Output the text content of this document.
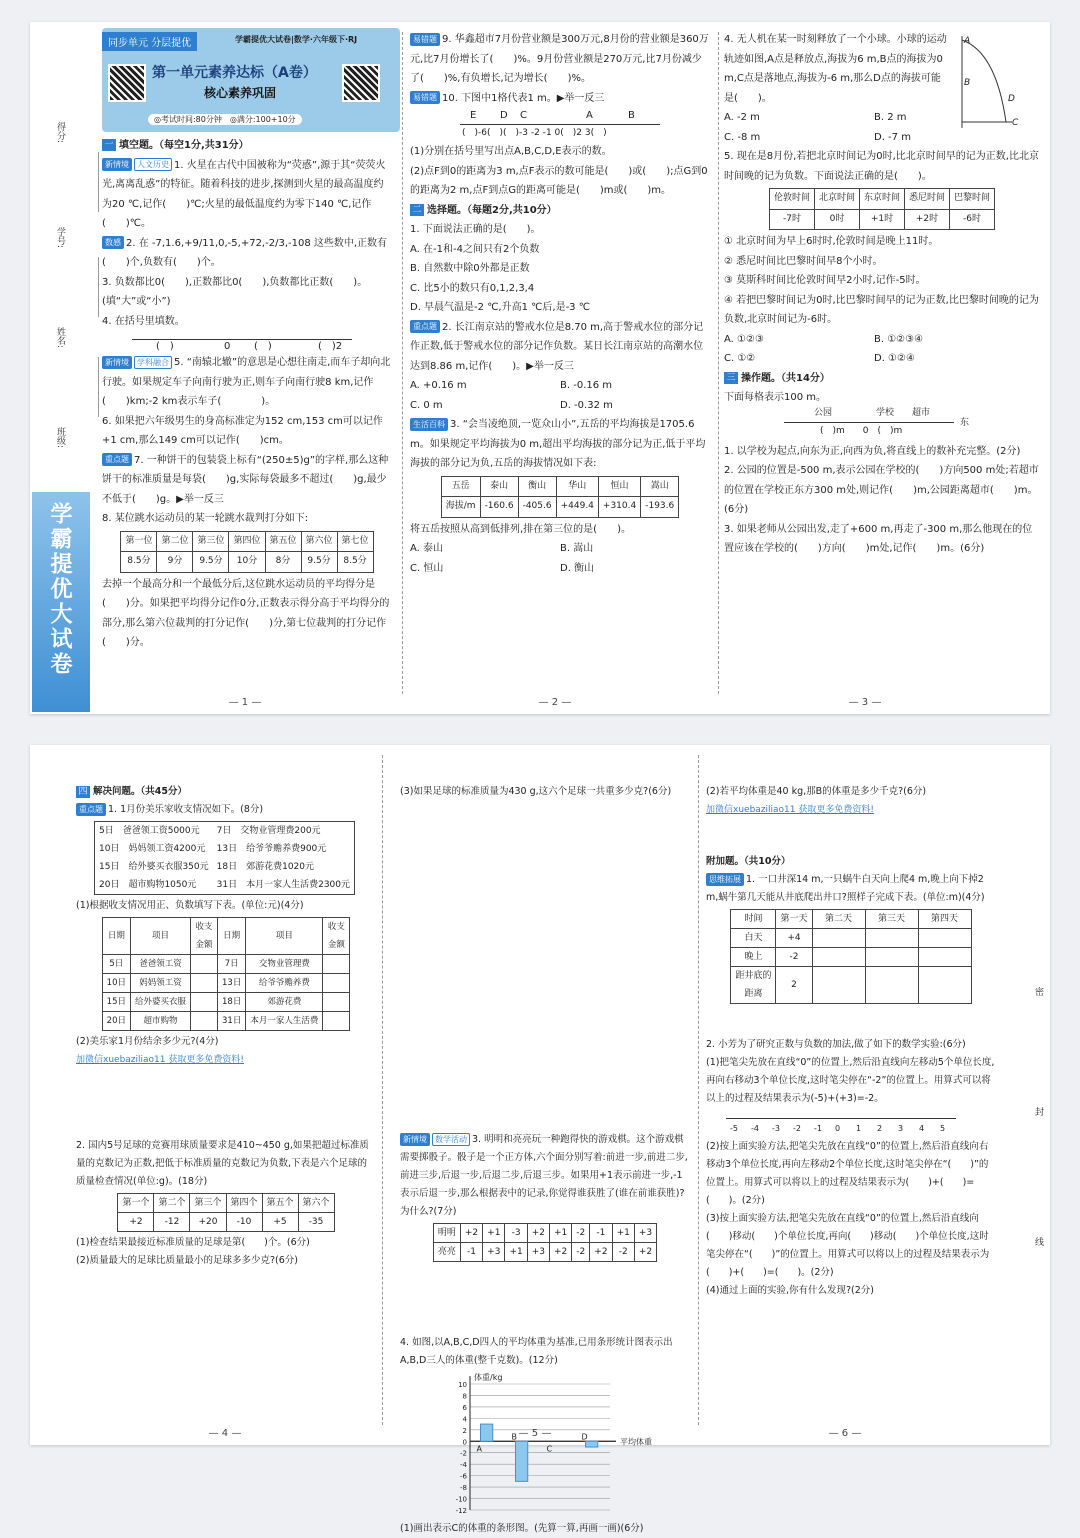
得分:
学号:
姓名:
班级:
学霸提优大试卷
同步单元 分层提优	学霸提优大试卷|数学·六年级下·RJ
第一单元素养达标（A卷）
核心素养巩固
◎考试时间:80分钟　 ◎满分:100+10分

一 填空题。（每空1分,共31分）

新情境 人文历史 1. 火星在古代中国被称为“荧惑”,源于其“荧荧火光,离离乱惑”的特征。随着科技的进步,探测到火星的最高温度约为20 ℃,记作(　　)℃;火星的最低温度约为零下140 ℃,记作(　　)℃。

数感 2. 在 -7,1.6,+9/11,0,-5,+72,-2/3,-108 这些数中,正数有(　　)个,负数有(　　)个。

3. 负数都比0(　　),正数都比0(　　),负数都比正数(　　)。(填“大”或“小”)

4. 在括号里填数。

(　)	0 (　)	(　)2

新情境 学科融合 5. “南辕北辙”的意思是心想往南走,而车子却向北行驶。如果规定车子向南行驶为正,则车子向南行驶8 km,记作(　　)km;-2 km表示车子(　　　　)。

6. 如果把六年级男生的身高标准定为152 cm,153 cm可以记作+1 cm,那么149 cm可以记作(　　)cm。

重点题 7. 一种饼干的包装袋上标有“(250±5)g”的字样,那么这种饼干的标准质量是每袋(　　)g,实际每袋最多不超过(　　)g,最少不低于(　　)g。▶举一反三

8. 某位跳水运动员的某一轮跳水裁判打分如下:

第一位	第二位	第三位	第四位	第五位	第六位	第七位
8.5分	9分	9.5分	10分	8分	9.5分	8.5分

去掉一个最高分和一个最低分后,这位跳水运动员的平均得分是(　　)分。如果把平均得分记作0分,正数表示得分高于平均得分的部分,那么第六位裁判的打分记作(　　)分,第七位裁判的打分记作(　　)分。

— 1 —

易错题 9. 华鑫超市7月份营业额是300万元,8月份的营业额是360万元,比7月份增长了(　　)%。9月份营业额是270万元,比7月份减少了(　　)%,有负增长,记为增长(　　)%。

易错题 10. 下图中1格代表1 m。▶举一反三

E D C	A	B
(　)-6(　)(　)-3 -2 -1 0(　)2 3(　)

(1)分别在括号里写出点A,B,C,D,E表示的数。

(2)点F到0的距离为3 m,点F表示的数可能是(　　)或(　　);点G到0的距离为2 m,点F到点G的距离可能是(　　)m或(　　)m。

二 选择题。（每题2分,共10分）

1. 下面说法正确的是(　　)。

A. 在-1和-4之间只有2个负数

B. 自然数中除0外都是正数

C. 比5小的数只有0,1,2,3,4

D. 早晨气温是-2 ℃,升高1 ℃后,是-3 ℃

重点题 2. 长江南京站的警戒水位是8.70 m,高于警戒水位的部分记作正数,低于警戒水位的部分记作负数。某日长江南京站的高潮水位达到8.86 m,记作(　　)。▶举一反三

A. +0.16 m	B. -0.16 m

C. 0 m	D. -0.32 m

生活百科 3. “会当凌绝顶,一览众山小”,五岳的平均海拔是1705.6 m。如果规定平均海拔为0 m,超出平均海拔的部分记为正,低于平均海拔的部分记为负,五岳的海拔情况如下表:

五岳	泰山	衡山	华山	恒山	嵩山
海拔/m	-160.6	-405.6	+449.4	+310.4	-193.6

将五岳按照从高到低排列,排在第三位的是(　　)。

A. 泰山	B. 嵩山

C. 恒山	D. 衡山

— 2 —

4. 无人机在某一时刻释放了一个小球。小球的运动轨迹如图,A点是释放点,海拔为6 m,B点的海拔为0 m,C点是落地点,海拔为-6 m,那么D点的海拔可能是(　　)。

A
B
D
C

A. -2 m	B. 2 m

C. -8 m	D. -7 m

5. 现在是8月份,若把北京时间记为0时,比北京时间早的记为正数,比北京时间晚的记为负数。下面说法正确的是(　　)。

伦敦时间	北京时间	东京时间	悉尼时间	巴黎时间
-7时	0时	+1时	+2时	-6时

① 北京时间为早上6时时,伦敦时间是晚上11时。

② 悉尼时间比巴黎时间早8个小时。

③ 莫斯科时间比伦敦时间早2小时,记作-5时。

④ 若把巴黎时间记为0时,比巴黎时间早的记为正数,比巴黎时间晚的记为负数,北京时间记为-6时。

A. ①②③	B. ①②③④

C. ①②	D. ①②④

三 操作题。（共14分）

下面每格表示100 m。

公园	学校 超市
东
(　)m　　0　(　)m

1. 以学校为起点,向东为正,向西为负,将直线上的数补充完整。(2分)

2. 公园的位置是-500 m,表示公园在学校的(　　)方向500 m处;若超市的位置在学校正东方300 m处,则记作(　　)m,公园距离超市(　　)m。(6分)

3. 如果老师从公园出发,走了+600 m,再走了-300 m,那么他现在的位置应该在学校的(　　)方向(　　)m处,记作(　　)m。(6分)

— 3 —

四 解决问题。（共45分）

重点题 1. 1月份美乐家收支情况如下。(8分)

5日　爸爸领工资5000元	7日　交物业管理费200元
10日　妈妈领工资4200元	13日　给爷爷赡养费900元
15日　给外婆买衣服350元	18日　郊游花费1020元
20日　超市购物1050元	31日　本月一家人生活费2300元

(1)根据收支情况用正、负数填写下表。(单位:元)(4分)

日期	项目	收支金额	日期	项目	收支金额
5日	爸爸领工资		7日	交物业管理费	
10日	妈妈领工资		13日	给爷爷赡养费	
15日	给外婆买衣服		18日	郊游花费	
20日	超市购物		31日	本月一家人生活费	

(2)美乐家1月份结余多少元?(4分)

加微信xuebaziliao11 获取更多免费资料!

2. 国内5号足球的竞赛用球质量要求是410~450 g,如果把超过标准质量的克数记为正数,把低于标准质量的克数记为负数,下表是六个足球的质量检查情况(单位:g)。(18分)

第一个	第二个	第三个	第四个	第五个	第六个
+2	-12	+20	-10	+5	-35

(1)检查结果最接近标准质量的足球是第(　　)个。(6分)

(2)质量最大的足球比质量最小的足球多多少克?(6分)

— 4 —

(3)如果足球的标准质量为430 g,这六个足球一共重多少克?(6分)

新情境 数学活动 3. 明明和亮亮玩一种跑得快的游戏棋。这个游戏棋需要掷骰子。骰子是一个正方体,六个面分别写着:前进一步,前进二步,前进三步,后退一步,后退二步,后退三步。如果用+1表示前进一步,-1表示后退一步,那么根据表中的记录,你觉得谁获胜了(谁在前谁获胜)?为什么?(7分)

明明	+2	+1	-3	+2	+1	-2	-1	+1	+3
亮亮	-1	+3	+1	+3	+2	-2	+2	-2	+2

4. 如图,以A,B,C,D四人的平均体重为基准,已用条形统计图表示出A,B,D三人的体重(整千克数)。(12分)

10
8
6
4
2
0
-2
-4
-6
-8
-10
-12
体重/kg
平均体重
A
B
C
D

(1)画出表示C的体重的条形图。(先算一算,再画一画)(6分)

— 5 —

(2)若平均体重是40 kg,那B的体重是多少千克?(6分)

加微信xuebaziliao11 获取更多免费资料!

附加题。（共10分）

思维拓展 1. 一口井深14 m,一只蜗牛白天向上爬4 m,晚上向下掉2 m,蜗牛第几天能从井底爬出井口?照样子完成下表。(单位:m)(4分)

时间	第一天	第二天	第三天	第四天
白天	+4			
晚上	-2			
距井底的距离	2			

2. 小芳为了研究正数与负数的加法,做了如下的数学实验:(6分)

(1)把笔尖先放在直线“0”的位置上,然后沿直线向左移动5个单位长度,再向右移动3个单位长度,这时笔尖停在“-2”的位置上。用算式可以将以上的过程及结果表示为(-5)+(+3)=-2。

-5 -4 -3 -2 -1 0 1 2 3 4 5

(2)按上面实验方法,把笔尖先放在直线“0”的位置上,然后沿直线向右移动3个单位长度,再向左移动2个单位长度,这时笔尖停在“(　　)”的位置上。用算式可以将以上的过程及结果表示为(　　)+(　　)=(　　)。(2分)

(3)按上面实验方法,把笔尖先放在直线“0”的位置上,然后沿直线向(　　)移动(　　)个单位长度,再向(　　)移动(　　)个单位长度,这时笔尖停在“(　　)”的位置上。用算式可以将以上的过程及结果表示为(　　)+(　　)=(　　)。(2分)

(4)通过上面的实验,你有什么发现?(2分)

— 6 —
密
封
线
